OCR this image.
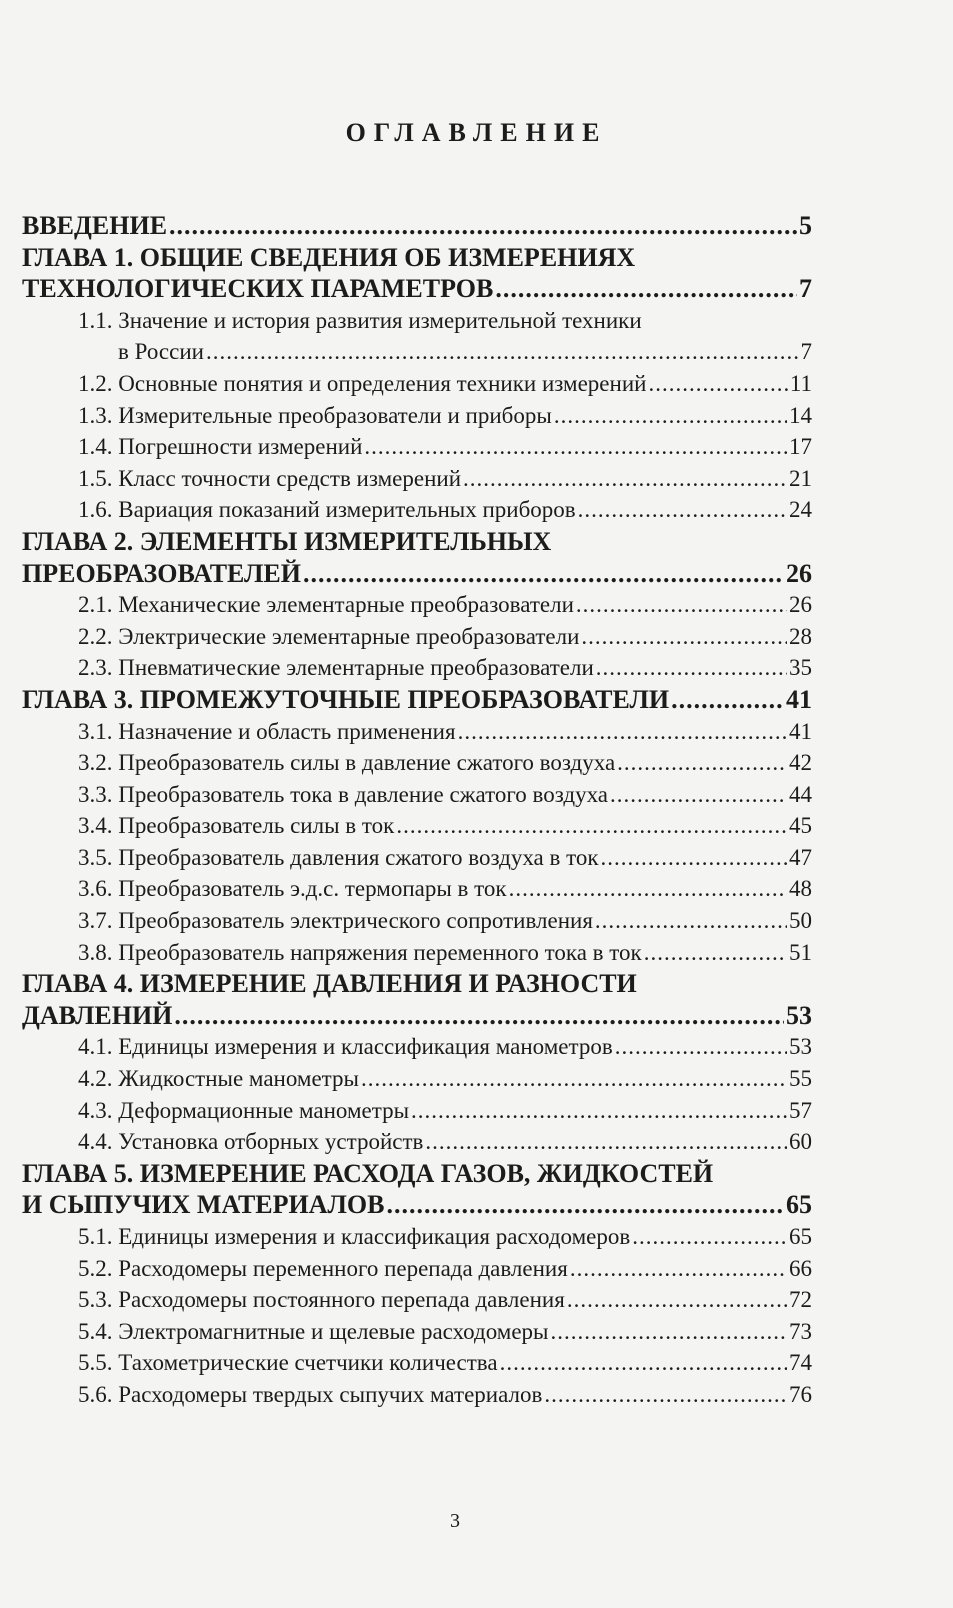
ОГЛАВЛЕНИЕ
ВВЕДЕНИЕ .....	5
ГЛАВА 1. ОБЩИЕ СВЕДЕНИЯ ОБ ИЗМЕРЕНИЯХ
ТЕХНОЛОГИЧЕСКИХ ПАРАМЕТРОВ .....	7
1.1. Значение и история развития измерительной техники
в России .....	7
1.2. Основные понятия и определения техники измерений .....	11
1.3. Измерительные преобразователи и приборы .....	14
1.4. Погрешности измерений .....	17
1.5. Класс точности средств измерений .....	21
1.6. Вариация показаний измерительных приборов .....	24
ГЛАВА 2. ЭЛЕМЕНТЫ ИЗМЕРИТЕЛЬНЫХ
ПРЕОБРАЗОВАТЕЛЕЙ .....	26
2.1. Механические элементарные преобразователи .....	26
2.2. Электрические элементарные преобразователи .....	28
2.3. Пневматические элементарные преобразователи .....	35
ГЛАВА 3. ПРОМЕЖУТОЧНЫЕ ПРЕОБРАЗОВАТЕЛИ .....	41
3.1. Назначение и область применения .....	41
3.2. Преобразователь силы в давление сжатого воздуха .....	42
3.3. Преобразователь тока в давление сжатого воздуха .....	44
3.4. Преобразователь силы в ток .....	45
3.5. Преобразователь давления сжатого воздуха в ток .....	47
3.6. Преобразователь э.д.с. термопары в ток .....	48
3.7. Преобразователь электрического сопротивления .....	50
3.8. Преобразователь напряжения переменного тока в ток .....	51
ГЛАВА 4. ИЗМЕРЕНИЕ ДАВЛЕНИЯ И РАЗНОСТИ
ДАВЛЕНИЙ .....	53
4.1. Единицы измерения и классификация манометров .....	53
4.2. Жидкостные манометры .....	55
4.3. Деформационные манометры .....	57
4.4. Установка отборных устройств .....	60
ГЛАВА 5. ИЗМЕРЕНИЕ РАСХОДА ГАЗОВ, ЖИДКОСТЕЙ
И СЫПУЧИХ МАТЕРИАЛОВ .....	65
5.1. Единицы измерения и классификация расходомеров .....	65
5.2. Расходомеры переменного перепада давления .....	66
5.3. Расходомеры постоянного перепада давления .....	72
5.4. Электромагнитные и щелевые расходомеры .....	73
5.5. Тахометрические счетчики количества .....	74
5.6. Расходомеры твердых сыпучих материалов .....	76
3
